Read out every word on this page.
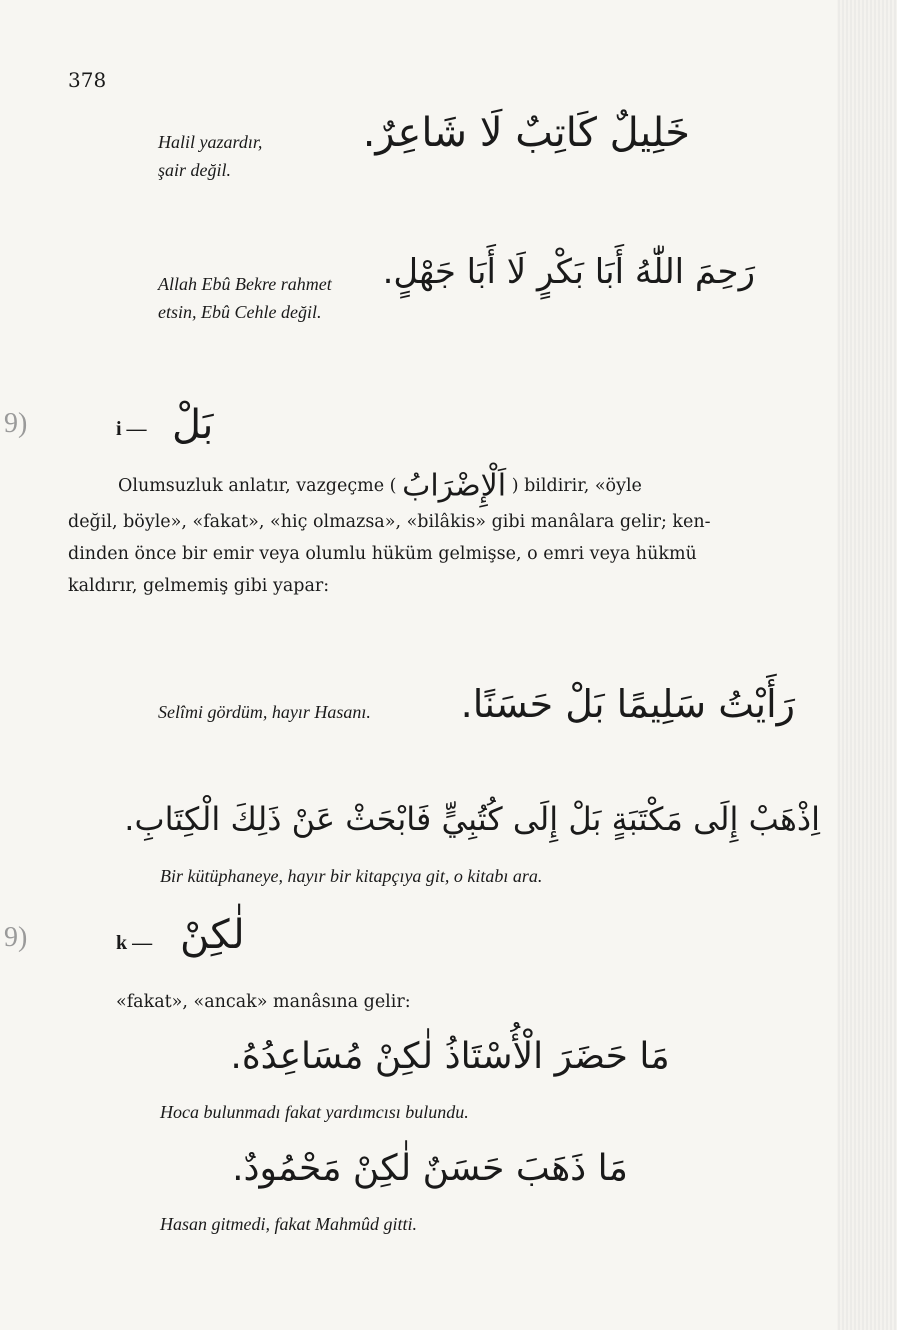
378
Halil yazardır,
şair değil.
خَلِيلٌ كَاتِبٌ لَا شَاعِرٌ.
Allah Ebû Bekre rahmet
etsin, Ebû Cehle değil.
رَحِمَ اللّٰهُ أَبَا بَكْرٍ لَا أَبَا جَهْلٍ.
9)	i — بَلْ
Olumsuzluk anlatır, vazgeçme ( اَلْإِضْرَابُ ) bildirir, «öyle
değil, böyle», «fakat», «hiç olmazsa», «bilâkis» gibi manâlara gelir; ken-
dinden önce bir emir veya olumlu hüküm gelmişse, o emri veya hükmü
kaldırır, gelmemiş gibi yapar:
Selîmi gördüm, hayır Hasanı. رَأَيْتُ سَلِيمًا بَلْ حَسَنًا.
اِذْهَبْ إِلَى مَكْتَبَةٍ بَلْ إِلَى كُتُبِيٍّ فَابْحَثْ عَنْ ذَلِكَ الْكِتَابِ.
Bir kütüphaneye, hayır bir kitapçıya git, o kitabı ara.
9)	k — لٰكِنْ
«fakat», «ancak» manâsına gelir:
مَا حَضَرَ الْأُسْتَاذُ لٰكِنْ مُسَاعِدُهُ.
Hoca bulunmadı fakat yardımcısı bulundu.
مَا ذَهَبَ حَسَنٌ لٰكِنْ مَحْمُودٌ.
Hasan gitmedi, fakat Mahmûd gitti.
